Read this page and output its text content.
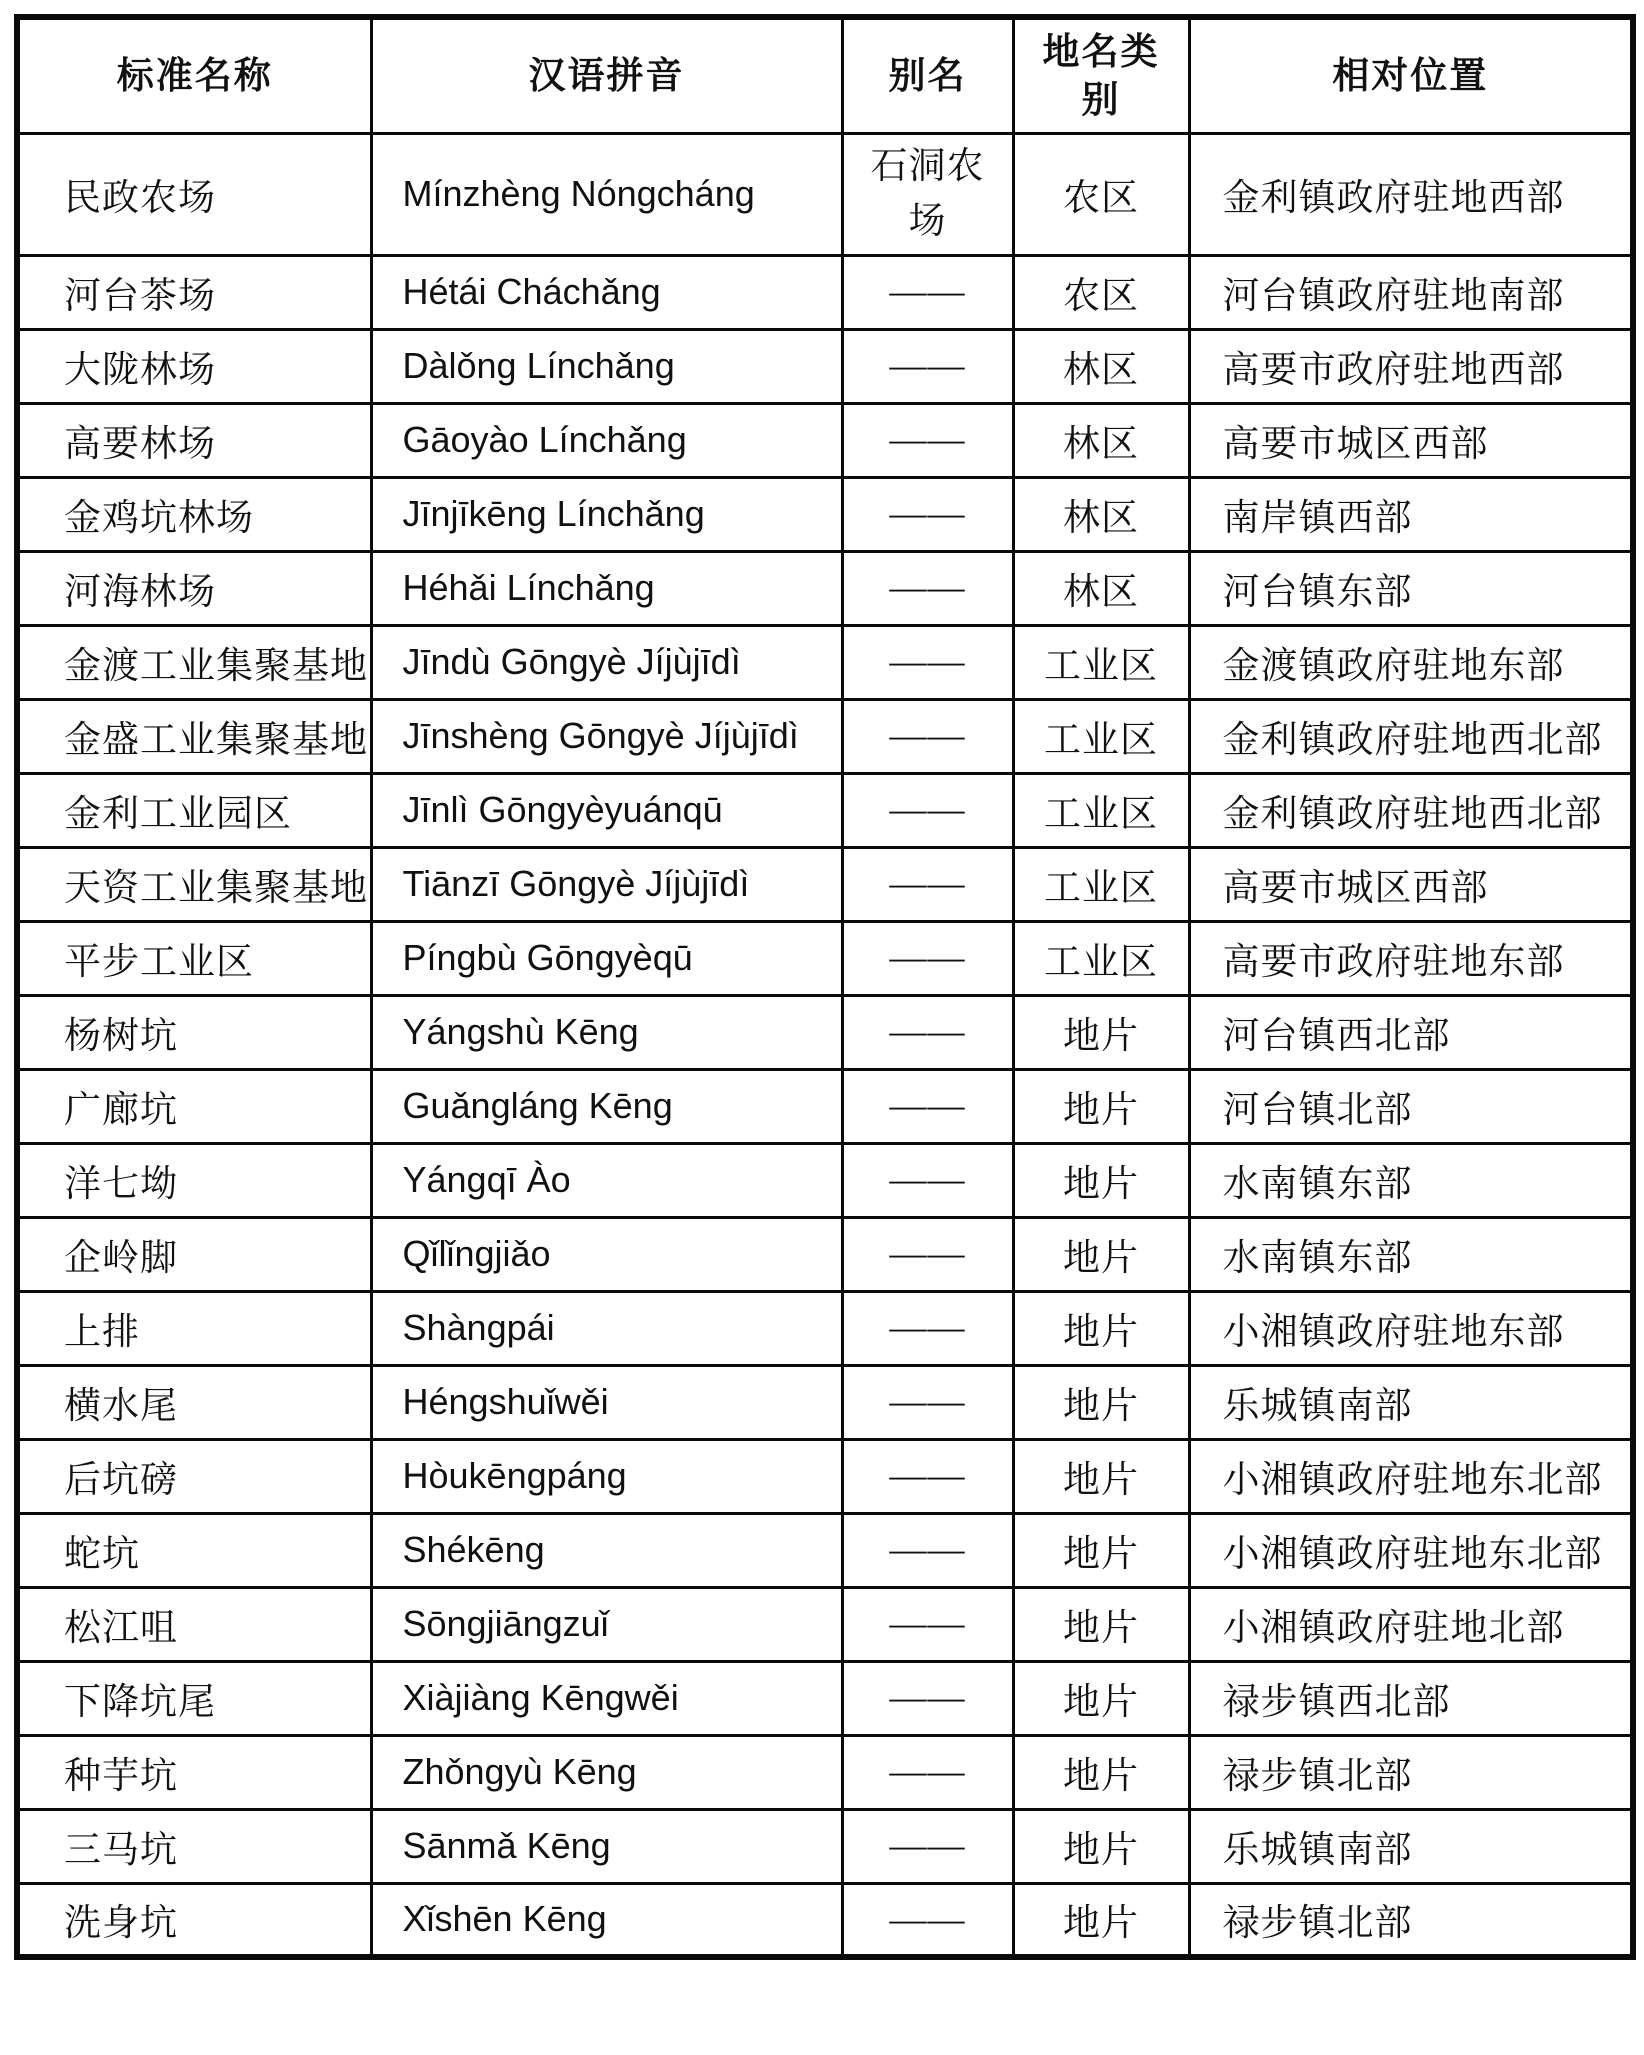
标准名称	汉语拼音	别名	地名类别	相对位置
民政农场	Mínzhèng Nóngcháng	石洞农场	农区	金利镇政府驻地西部
河台茶场	Hétái Cháchǎng	——	农区	河台镇政府驻地南部
大陇林场	Dàlǒng Línchǎng	——	林区	高要市政府驻地西部
高要林场	Gāoyào Línchǎng	——	林区	高要市城区西部
金鸡坑林场	Jīnjīkēng Línchǎng	——	林区	南岸镇西部
河海林场	Héhǎi Línchǎng	——	林区	河台镇东部
金渡工业集聚基地	Jīndù Gōngyè Jíjùjīdì	——	工业区	金渡镇政府驻地东部
金盛工业集聚基地	Jīnshèng Gōngyè Jíjùjīdì	——	工业区	金利镇政府驻地西北部
金利工业园区	Jīnlì Gōngyèyuánqū	——	工业区	金利镇政府驻地西北部
天资工业集聚基地	Tiānzī Gōngyè Jíjùjīdì	——	工业区	高要市城区西部
平步工业区	Píngbù Gōngyèqū	——	工业区	高要市政府驻地东部
杨树坑	Yángshù Kēng	——	地片	河台镇西北部
广廊坑	Guǎngláng Kēng	——	地片	河台镇北部
洋七坳	Yángqī Ào	——	地片	水南镇东部
企岭脚	Qǐlǐngjiǎo	——	地片	水南镇东部
上排	Shàngpái	——	地片	小湘镇政府驻地东部
横水尾	Héngshuǐwěi	——	地片	乐城镇南部
后坑磅	Hòukēngpáng	——	地片	小湘镇政府驻地东北部
蛇坑	Shékēng	——	地片	小湘镇政府驻地东北部
松江咀	Sōngjiāngzuǐ	——	地片	小湘镇政府驻地北部
下降坑尾	Xiàjiàng Kēngwěi	——	地片	禄步镇西北部
种芋坑	Zhǒngyù Kēng	——	地片	禄步镇北部
三马坑	Sānmǎ Kēng	——	地片	乐城镇南部
洗身坑	Xǐshēn Kēng	——	地片	禄步镇北部
